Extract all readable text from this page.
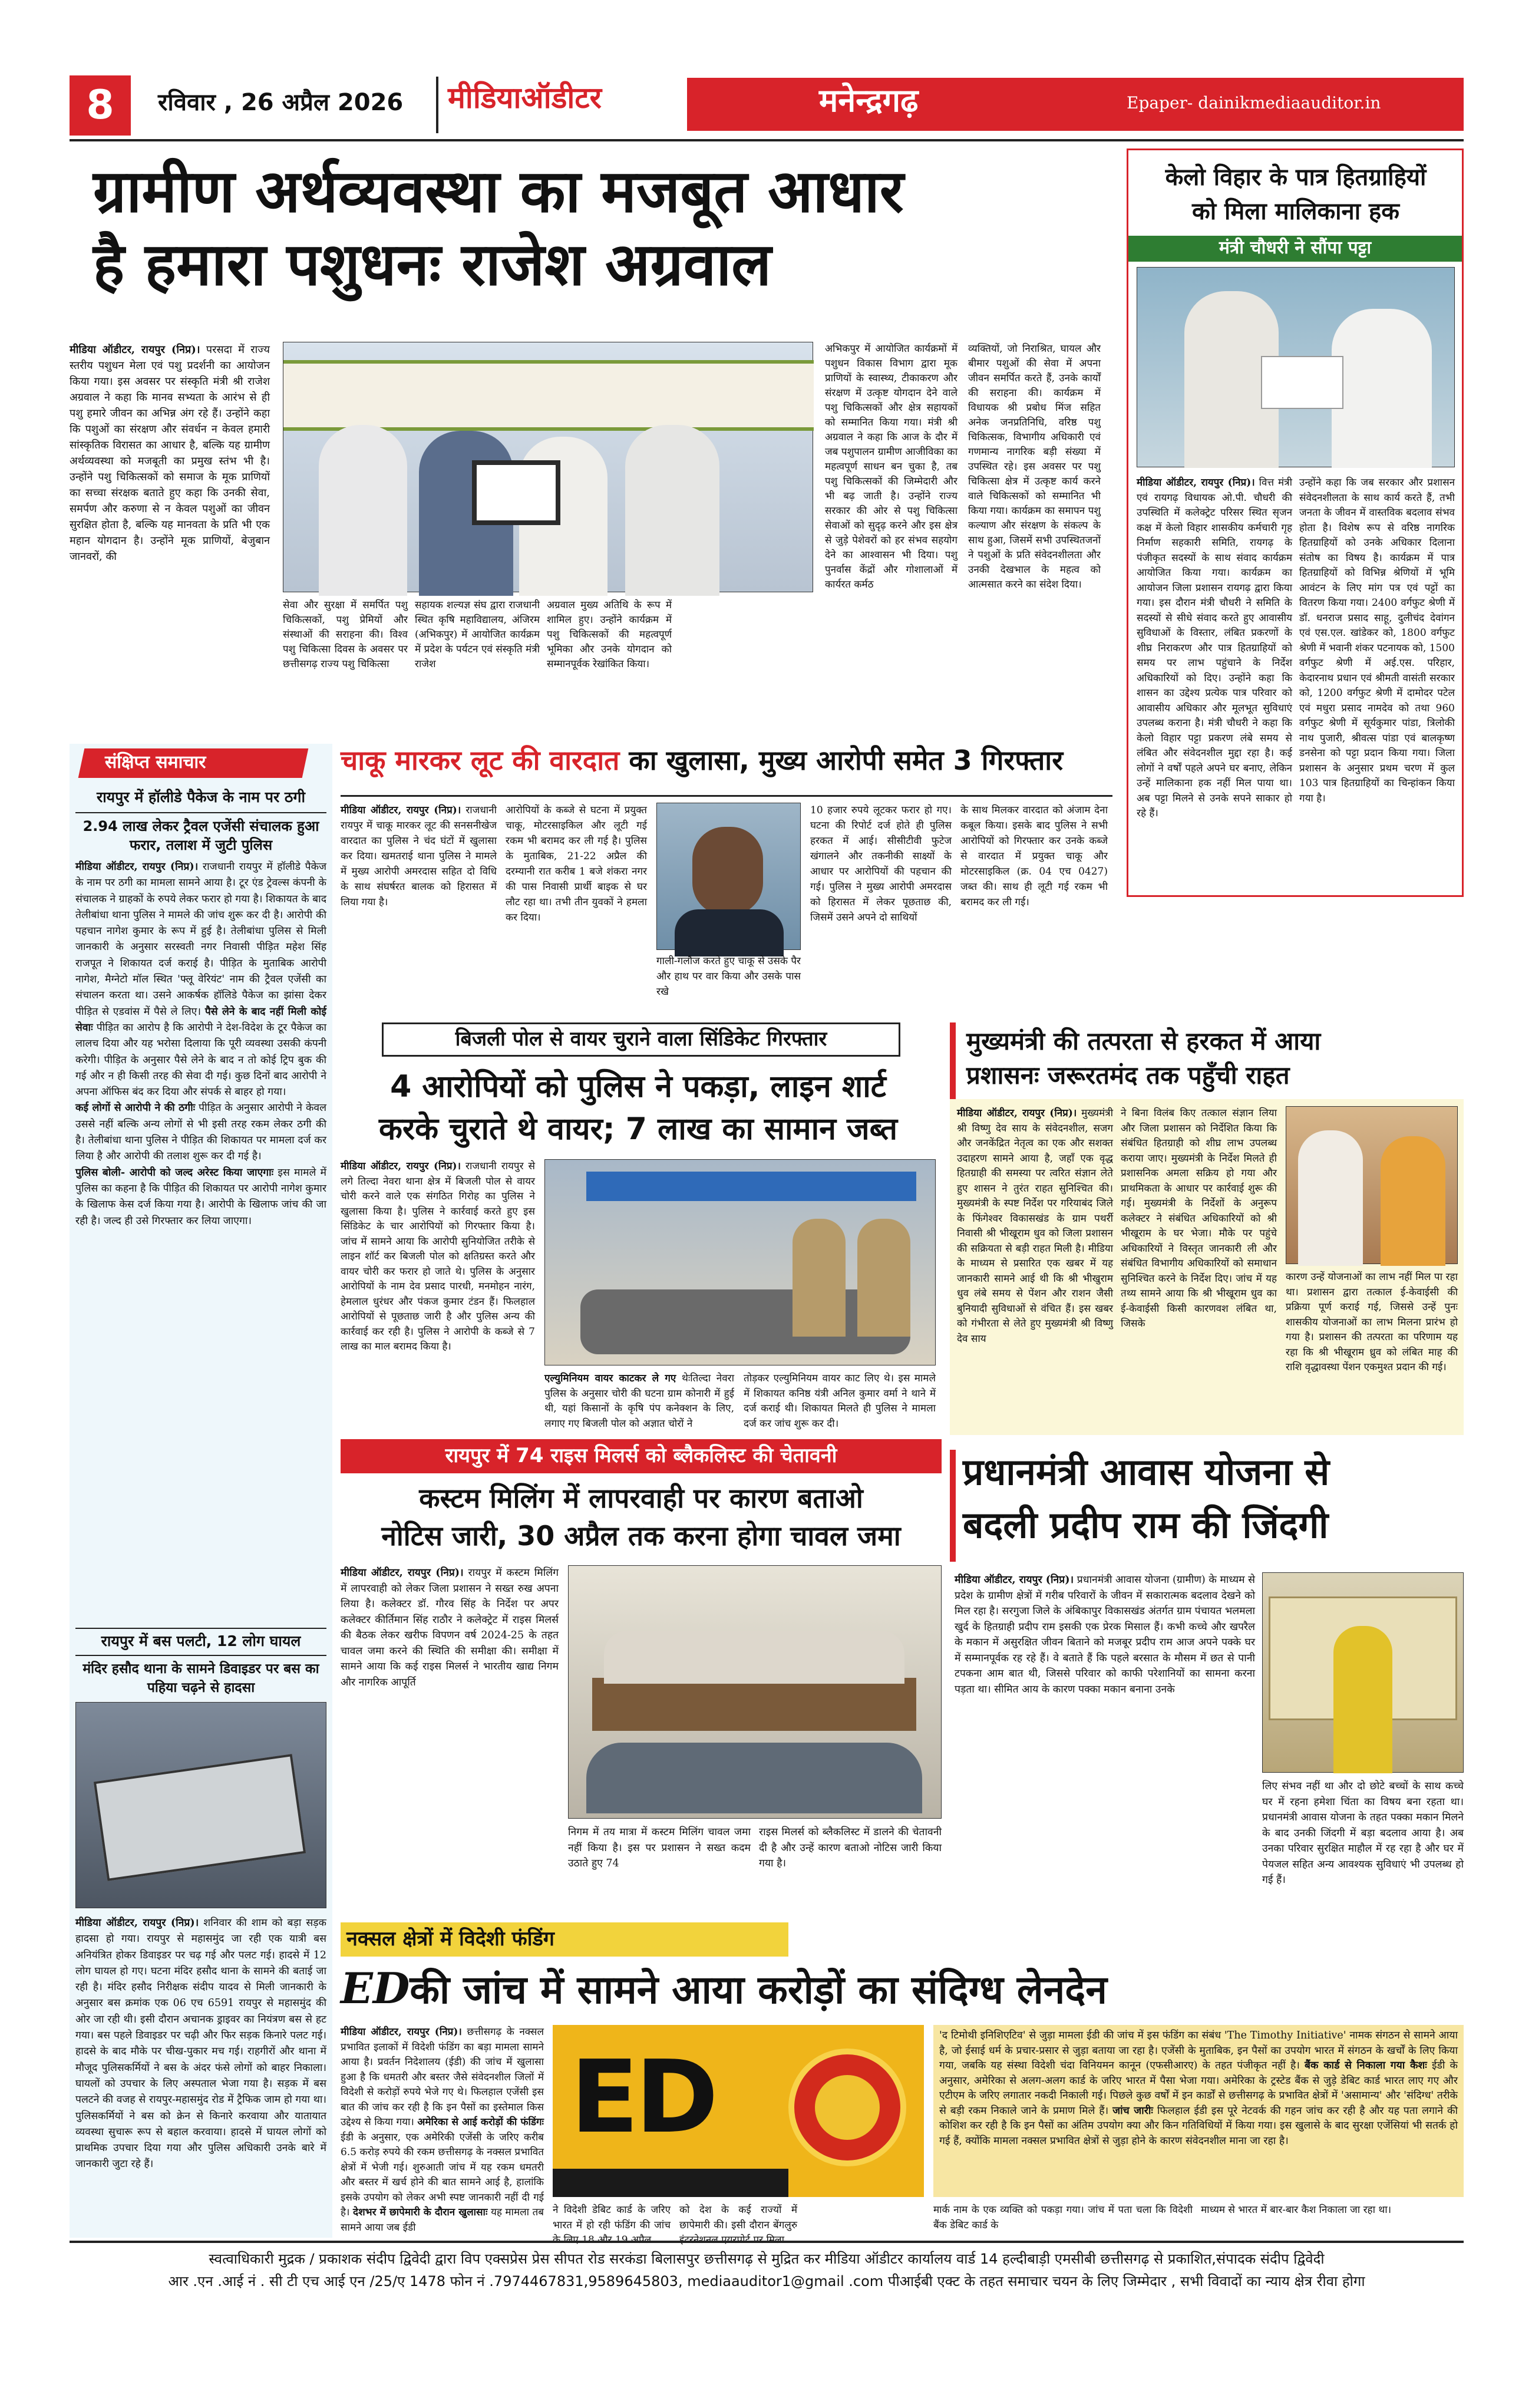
8	रविवार , 26 अप्रैल 2026 मीडियाऑडीटर	मनेन्द्रगढ़	Epaper- dainikmediaauditor.in
ग्रामीण अर्थव्यवस्था का मजबूत आधार
है हमारा पशुधनः राजेश अग्रवाल
मीडिया ऑडीटर, रायपुर (निप्र)। परसदा में राज्य स्तरीय पशुधन मेला एवं पशु प्रदर्शनी का आयोजन किया गया। इस अवसर पर संस्कृति मंत्री श्री राजेश अग्रवाल ने कहा कि मानव सभ्यता के आरंभ से ही पशु हमारे जीवन का अभिन्न अंग रहे हैं। उन्होंने कहा कि पशुओं का संरक्षण और संवर्धन न केवल हमारी सांस्कृतिक विरासत का आधार है, बल्कि यह ग्रामीण अर्थव्यवस्था को मजबूती का प्रमुख स्तंभ भी है। उन्होंने पशु चिकित्सकों को समाज के मूक प्राणियों का सच्चा संरक्षक बताते हुए कहा कि उनकी सेवा, समर्पण और करुणा से न केवल पशुओं का जीवन सुरक्षित होता है, बल्कि यह मानवता के प्रति भी एक महान योगदान है। उन्होंने मूक प्राणियों, बेजुबान जानवरों, की
सेवा और सुरक्षा में समर्पित पशु चिकित्सकों, पशु प्रेमियों और संस्थाओं की सराहना की। विश्व पशु चिकित्सा दिवस के अवसर पर छत्तीसगढ़ राज्य पशु चिकित्सा
सहायक शल्यज्ञ संघ द्वारा राजधानी स्थित कृषि महाविद्यालय, अंजिरम (अभिकपुर) में आयोजित कार्यक्रम में प्रदेश के पर्यटन एवं संस्कृति मंत्री राजेश
अग्रवाल मुख्य अतिथि के रूप में शामिल हुए। उन्होंने कार्यक्रम में पशु चिकित्सकों की महत्वपूर्ण भूमिका और उनके योगदान को सम्मानपूर्वक रेखांकित किया।
अभिकपुर में आयोजित कार्यक्रमों में पशुधन विकास विभाग द्वारा मूक प्राणियों के स्वास्थ्य, टीकाकरण और संरक्षण में उत्कृष्ट योगदान देने वाले पशु चिकित्सकों और क्षेत्र सहायकों को सम्मानित किया गया। मंत्री श्री अग्रवाल ने कहा कि आज के दौर में जब पशुपालन ग्रामीण आजीविका का महत्वपूर्ण साधन बन चुका है, तब पशु चिकित्सकों की जिम्मेदारी और भी बढ़ जाती है। उन्होंने राज्य सरकार की ओर से पशु चिकित्सा सेवाओं को सुदृढ़ करने और इस क्षेत्र से जुड़े पेशेवरों को हर संभव सहयोग देने का आश्वासन भी दिया। पशु पुनर्वास केंद्रों और गोशालाओं में कार्यरत कर्मठ
व्यक्तियों, जो निराश्रित, घायल और बीमार पशुओं की सेवा में अपना जीवन समर्पित करते हैं, उनके कार्यों की सराहना की। कार्यक्रम में विधायक श्री प्रबोध मिंज सहित अनेक जनप्रतिनिधि, वरिष्ठ पशु चिकित्सक, विभागीय अधिकारी एवं गणमान्य नागरिक बड़ी संख्या में उपस्थित रहे। इस अवसर पर पशु चिकित्सा क्षेत्र में उत्कृष्ट कार्य करने वाले चिकित्सकों को सम्मानित भी किया गया। कार्यक्रम का समापन पशु कल्याण और संरक्षण के संकल्प के साथ हुआ, जिसमें सभी उपस्थितजनों ने पशुओं के प्रति संवेदनशीलता और उनकी देखभाल के महत्व को आत्मसात करने का संदेश दिया।
केलो विहार के पात्र हितग्राहियों
को मिला मालिकाना हक
मंत्री चौधरी ने सौंपा पट्टा
मीडिया ऑडीटर, रायपुर (निप्र)। वित्त मंत्री एवं रायगढ़ विधायक ओ.पी. चौधरी की उपस्थिति में कलेक्ट्रेट परिसर स्थित सृजन कक्ष में केलो विहार शासकीय कर्मचारी गृह निर्माण सहकारी समिति, रायगढ़ के पंजीकृत सदस्यों के साथ संवाद कार्यक्रम आयोजित किया गया। कार्यक्रम का आयोजन जिला प्रशासन रायगढ़ द्वारा किया गया। इस दौरान मंत्री चौधरी ने समिति के सदस्यों से सीधे संवाद करते हुए आवासीय सुविधाओं के विस्तार, लंबित प्रकरणों के शीघ्र निराकरण और पात्र हितग्राहियों को समय पर लाभ पहुंचाने के निर्देश अधिकारियों को दिए। उन्होंने कहा कि शासन का उद्देश्य प्रत्येक पात्र परिवार को आवासीय अधिकार और मूलभूत सुविधाएं उपलब्ध कराना है। मंत्री चौधरी ने कहा कि केलो विहार पट्टा प्रकरण लंबे समय से लंबित और संवेदनशील मुद्दा रहा है। कई लोगों ने वर्षों पहले अपने घर बनाए, लेकिन उन्हें मालिकाना हक नहीं मिल पाया था। अब पट्टा मिलने से उनके सपने साकार हो रहे हैं।
उन्होंने कहा कि जब सरकार और प्रशासन संवेदनशीलता के साथ कार्य करते हैं, तभी जनता के जीवन में वास्तविक बदलाव संभव होता है। विशेष रूप से वरिष्ठ नागरिक हितग्राहियों को उनके अधिकार दिलाना संतोष का विषय है। कार्यक्रम में पात्र हितग्राहियों को विभिन्न श्रेणियों में भूमि आवंटन के लिए मांग पत्र एवं पट्टों का वितरण किया गया। 2400 वर्गफुट श्रेणी में डॉ. धनराज प्रसाद साहू, दुलीचंद देवांगन एवं एस.एल. खांडेकर को, 1800 वर्गफुट श्रेणी में भवानी शंकर पटनायक को, 1500 वर्गफुट श्रेणी में अई.एस. परिहार, केदारनाथ प्रधान एवं श्रीमती वासंती सरकार को, 1200 वर्गफुट श्रेणी में दामोदर पटेल एवं मधुरा प्रसाद नामदेव को तथा 960 वर्गफुट श्रेणी में सूर्यकुमार पांडा, त्रिलोकी नाथ पुजारी, श्रीवत्स पांडा एवं बालकृष्ण डनसेना को पट्टा प्रदान किया गया। जिला प्रशासन के अनुसार प्रथम चरण में कुल 103 पात्र हितग्राहियों का चिन्हांकन किया गया है।
संक्षिप्त समाचार
रायपुर में हॉलीडे पैकेज के नाम पर ठगी
2.94 लाख लेकर ट्रैवल एजेंसी संचालक हुआ फरार, तलाश में जुटी पुलिस
मीडिया ऑडीटर, रायपुर (निप्र)। राजधानी रायपुर में हॉलीडे पैकेज के नाम पर ठगी का मामला सामने आया है। टूर एंड ट्रेवल्स कंपनी के संचालक ने ग्राहकों के रुपये लेकर फरार हो गया है। शिकायत के बाद तेलीबांधा थाना पुलिस ने मामले की जांच शुरू कर दी है। आरोपी की पहचान नागेश कुमार के रूप में हुई है। तेलीबांधा पुलिस से मिली जानकारी के अनुसार सरस्वती नगर निवासी पीड़ित महेश सिंह राजपूत ने शिकायत दर्ज कराई है। पीड़ित के मुताबिक आरोपी नागेश, मैग्नेटो मॉल स्थित 'फ्लू वेरियंट' नाम की ट्रैवल एजेंसी का संचालन करता था। उसने आकर्षक हॉलिडे पैकेज का झांसा देकर पीड़ित से एडवांस में पैसे ले लिए। पैसे लेने के बाद नहीं मिली कोई सेवाः पीड़ित का आरोप है कि आरोपी ने देश-विदेश के टूर पैकेज का लालच दिया और यह भरोसा दिलाया कि पूरी व्यवस्था उसकी कंपनी करेगी। पीड़ित के अनुसार पैसे लेने के बाद न तो कोई ट्रिप बुक की गई और न ही किसी तरह की सेवा दी गई। कुछ दिनों बाद आरोपी ने अपना ऑफिस बंद कर दिया और संपर्क से बाहर हो गया।
कई लोगों से आरोपी ने की ठगीः पीड़ित के अनुसार आरोपी ने केवल उससे नहीं बल्कि अन्य लोगों से भी इसी तरह रकम लेकर ठगी की है। तेलीबांधा थाना पुलिस ने पीड़ित की शिकायत पर मामला दर्ज कर लिया है और आरोपी की तलाश शुरू कर दी गई है।
पुलिस बोली- आरोपी को जल्द अरेस्ट किया जाएगाः इस मामले में पुलिस का कहना है कि पीड़ित की शिकायत पर आरोपी नागेश कुमार के खिलाफ केस दर्ज किया गया है। आरोपी के खिलाफ जांच की जा रही है। जल्द ही उसे गिरफ्तार कर लिया जाएगा।
रायपुर में बस पलटी, 12 लोग घायल
मंदिर हसौद थाना के सामने डिवाइडर पर बस का पहिया चढ़ने से हादसा
मीडिया ऑडीटर, रायपुर (निप्र)। शनिवार की शाम को बड़ा सड़क हादसा हो गया। रायपुर से महासमुंद जा रही एक यात्री बस अनियंत्रित होकर डिवाइडर पर चढ़ गई और पलट गई। हादसे में 12 लोग घायल हो गए। घटना मंदिर हसौद थाना के सामने की बताई जा रही है। मंदिर हसौद निरीक्षक संदीप यादव से मिली जानकारी के अनुसार बस क्रमांक एक 06 एच 6591 रायपुर से महासमुंद की ओर जा रही थी। इसी दौरान अचानक ड्राइवर का नियंत्रण बस से हट गया। बस पहले डिवाइडर पर चढ़ी और फिर सड़क किनारे पलट गई। हादसे के बाद मौके पर चीख-पुकार मच गई। राहगीरों और थाना में मौजूद पुलिसकर्मियों ने बस के अंदर फंसे लोगों को बाहर निकाला। घायलों को उपचार के लिए अस्पताल भेजा गया है। सड़क में बस पलटने की वजह से रायपुर-महासमुंद रोड में ट्रैफिक जाम हो गया था। पुलिसकर्मियों ने बस को क्रेन से किनारे करवाया और यातायात व्यवस्था सुचारू रूप से बहाल करवाया। हादसे में घायल लोगों को प्राथमिक उपचार दिया गया और पुलिस अधिकारी उनके बारे में जानकारी जुटा रहे हैं।
चाकू मारकर लूट की वारदात का खुलासा, मुख्य आरोपी समेत 3 गिरफ्तार
मीडिया ऑडीटर, रायपुर (निप्र)। राजधानी रायपुर में चाकू मारकर लूट की सनसनीखेज वारदात का पुलिस ने चंद घंटों में खुलासा कर दिया। खमतराई थाना पुलिस ने मामले में मुख्य आरोपी अमरदास सहित दो विधि के साथ संघर्षरत बालक को हिरासत में लिया गया है।
आरोपियों के कब्जे से घटना में प्रयुक्त चाकू, मोटरसाइकिल और लूटी गई रकम भी बरामद कर ली गई है। पुलिस के मुताबिक, 21-22 अप्रैल की दरम्यानी रात करीब 1 बजे शंकरा नगर की पास निवासी प्रार्थी बाइक से घर लौट रहा था। तभी तीन युवकों ने हमला कर दिया।
गाली-गलौज करते हुए चाकू से उसके पैर और हाथ पर वार किया और उसके पास रखे
10 हजार रुपये लूटकर फरार हो गए। घटना की रिपोर्ट दर्ज होते ही पुलिस हरकत में आई। सीसीटीवी फुटेज खंगालने और तकनीकी साक्ष्यों के आधार पर आरोपियों की पहचान की गई। पुलिस ने मुख्य आरोपी अमरदास को हिरासत में लेकर पूछताछ की, जिसमें उसने अपने दो साथियों
के साथ मिलकर वारदात को अंजाम देना कबूल किया। इसके बाद पुलिस ने सभी आरोपियों को गिरफ्तार कर उनके कब्जे से वारदात में प्रयुक्त चाकू और मोटरसाइकिल (क्र. 04 एच 0427) जब्त की। साथ ही लूटी गई रकम भी बरामद कर ली गई।
बिजली पोल से वायर चुराने वाला सिंडिकेट गिरफ्तार
4 आरोपियों को पुलिस ने पकड़ा, लाइन शार्ट
करके चुराते थे वायर; 7 लाख का सामान जब्त
मीडिया ऑडीटर, रायपुर (निप्र)। राजधानी रायपुर से लगे तिल्दा नेवरा थाना क्षेत्र में बिजली पोल से वायर चोरी करने वाले एक संगठित गिरोह का पुलिस ने खुलासा किया है। पुलिस ने कार्रवाई करते हुए इस सिंडिकेट के चार आरोपियों को गिरफ्तार किया है। जांच में सामने आया कि आरोपी सुनियोजित तरीके से लाइन शॉर्ट कर बिजली पोल को क्षतिग्रस्त करते और वायर चोरी कर फरार हो जाते थे। पुलिस के अनुसार आरोपियों के नाम देव प्रसाद पारधी, मनमोहन नारंग, हेमलाल धुरंधर और पंकज कुमार टंडन हैं। फिलहाल आरोपियों से पूछताछ जारी है और पुलिस अन्य की कार्रवाई कर रही है। पुलिस ने आरोपी के कब्जे से 7 लाख का माल बरामद किया है।
एल्युमिनियम वायर काटकर ले गए थेःतिल्दा नेवरा पुलिस के अनुसार चोरी की घटना ग्राम कोनारी में हुई थी, यहां किसानों के कृषि पंप कनेक्शन के लिए, लगाए गए बिजली पोल को अज्ञात चोरों ने
तोड़कर एल्युमिनियम वायर काट लिए थे। इस मामले में शिकायत कनिष्ठ यंत्री अनिल कुमार वर्मा ने थाने में दर्ज कराई थी। शिकायत मिलते ही पुलिस ने मामला दर्ज कर जांच शुरू कर दी।
मुख्यमंत्री की तत्परता से हरकत में आया
प्रशासनः जरूरतमंद तक पहुँची राहत
मीडिया ऑडीटर, रायपुर (निप्र)। मुख्यमंत्री श्री विष्णु देव साय के संवेदनशील, सजग और जनकेंद्रित नेतृत्व का एक और सशक्त उदाहरण सामने आया है, जहाँ एक वृद्ध हितग्राही की समस्या पर त्वरित संज्ञान लेते हुए शासन ने तुरंत राहत सुनिश्चित की। मुख्यमंत्री के स्पष्ट निर्देश पर गरियाबंद जिले के फिंगेश्वर विकासखंड के ग्राम पथर्री निवासी श्री भीखूराम धुव को जिला प्रशासन की सक्रियता से बड़ी राहत मिली है। मीडिया के माध्यम से प्रसारित एक खबर में यह जानकारी सामने आई थी कि श्री भीखुराम धुव लंबे समय से पेंशन और राशन जैसी बुनियादी सुविधाओं से वंचित हैं। इस खबर को गंभीरता से लेते हुए मुख्यमंत्री श्री विष्णु देव साय
ने बिना विलंब किए तत्काल संज्ञान लिया और जिला प्रशासन को निर्देशित किया कि संबंधित हितग्राही को शीघ्र लाभ उपलब्ध कराया जाए। मुख्यमंत्री के निर्देश मिलते ही प्रशासनिक अमला सक्रिय हो गया और प्राथमिकता के आधार पर कार्रवाई शुरू की गई। मुख्यमंत्री के निर्देशों के अनुरूप कलेक्टर ने संबंधित अधिकारियों को श्री भीखूराम के घर भेजा। मौके पर पहुंचे अधिकारियों ने विस्तृत जानकारी ली और संबंधित विभागीय अधिकारियों को समाधान सुनिश्चित करने के निर्देश दिए। जांच में यह तथ्य सामने आया कि श्री भीखूराम धुव का ई-केवाईसी किसी कारणवश लंबित था, जिसके
कारण उन्हें योजनाओं का लाभ नहीं मिल पा रहा था। प्रशासन द्वारा तत्काल ई-केवाईसी की प्रक्रिया पूर्ण कराई गई, जिससे उन्हें पुनः शासकीय योजनाओं का लाभ मिलना प्रारंभ हो गया है। प्रशासन की तत्परता का परिणाम यह रहा कि श्री भीखूराम ध्रुव को लंबित माह की राशि वृद्धावस्था पेंशन एकमुश्त प्रदान की गई।
रायपुर में 74 राइस मिलर्स को ब्लैकलिस्ट की चेतावनी
कस्टम मिलिंग में लापरवाही पर कारण बताओ
नोटिस जारी, 30 अप्रैल तक करना होगा चावल जमा
मीडिया ऑडीटर, रायपुर (निप्र)। रायपुर में कस्टम मिलिंग में लापरवाही को लेकर जिला प्रशासन ने सख्त रुख अपना लिया है। कलेक्टर डॉ. गौरव सिंह के निर्देश पर अपर कलेक्टर कीर्तिमान सिंह राठौर ने कलेक्ट्रेट में राइस मिलर्स की बैठक लेकर खरीफ विपणन वर्ष 2024-25 के तहत चावल जमा करने की स्थिति की समीक्षा की। समीक्षा में सामने आया कि कई राइस मिलर्स ने भारतीय खाद्य निगम और नागरिक आपूर्ति
निगम में तय मात्रा में कस्टम मिलिंग चावल जमा नहीं किया है। इस पर प्रशासन ने सख्त कदम उठाते हुए 74
राइस मिलर्स को ब्लैकलिस्ट में डालने की चेतावनी दी है और उन्हें कारण बताओ नोटिस जारी किया गया है।
प्रधानमंत्री आवास योजना से
बदली प्रदीप राम की जिंदगी
मीडिया ऑडीटर, रायपुर (निप्र)। प्रधानमंत्री आवास योजना (ग्रामीण) के माध्यम से प्रदेश के ग्रामीण क्षेत्रों में गरीब परिवारों के जीवन में सकारात्मक बदलाव देखने को मिल रहा है। सरगुजा जिले के अंबिकापुर विकासखंड अंतर्गत ग्राम पंचायत भलमला खुर्द के हितग्राही प्रदीप राम इसकी एक प्रेरक मिसाल हैं। कभी कच्चे और खपरैल के मकान में असुरक्षित जीवन बिताने को मजबूर प्रदीप राम आज अपने पक्के घर में सम्मानपूर्वक रह रहे हैं। वे बताते हैं कि पहले बरसात के मौसम में छत से पानी टपकना आम बात थी, जिससे परिवार को काफी परेशानियों का सामना करना पड़ता था। सीमित आय के कारण पक्का मकान बनाना उनके
लिए संभव नहीं था और दो छोटे बच्चों के साथ कच्चे घर में रहना हमेशा चिंता का विषय बना रहता था। प्रधानमंत्री आवास योजना के तहत पक्का मकान मिलने के बाद उनकी जिंदगी में बड़ा बदलाव आया है। अब उनका परिवार सुरक्षित माहौल में रह रहा है और घर में पेयजल सहित अन्य आवश्यक सुविधाएं भी उपलब्ध हो गई हैं।
नक्सल क्षेत्रों में विदेशी फंडिंग
EDकी जांच में सामने आया करोड़ों का संदिग्ध लेनदेन
मीडिया ऑडीटर, रायपुर (निप्र)। छत्तीसगढ़ के नक्सल प्रभावित इलाकों में विदेशी फंडिंग का बड़ा मामला सामने आया है। प्रवर्तन निदेशालय (ईडी) की जांच में खुलासा हुआ है कि धमतरी और बस्तर जैसे संवेदनशील जिलों में विदेशी से करोड़ों रुपये भेजे गए थे। फिलहाल एजेंसी इस बात की जांच कर रही है कि इन पैसों का इस्तेमाल किस उद्देश्य से किया गया। अमेरिका से आई करोड़ों की फंडिंगः ईडी के अनुसार, एक अमेरिकी एजेंसी के जरिए करीब 6.5 करोड़ रुपये की रकम छत्तीसगढ़ के नक्सल प्रभावित क्षेत्रों में भेजी गई। शुरुआती जांच में यह रकम धमतरी और बस्तर में खर्च होने की बात सामने आई है, हालांकि इसके उपयोग को लेकर अभी स्पष्ट जानकारी नहीं दी गई है। देशभर में छापेमारी के दौरान खुलासाः यह मामला तब सामने आया जब ईडी
ED
ने विदेशी डेबिट कार्ड के जरिए भारत में हो रही फंडिंग की जांच के लिए 18 और 19 अप्रैल
को देश के कई राज्यों में छापेमारी की। इसी दौरान बेंगलुरु इंटरनेशनल एयरपोर्ट पर मिला
'द टिमोथी इनिशिएटिव' से जुड़ा मामला ईडी की जांच में इस फंडिंग का संबंध 'The Timothy Initiative' नामक संगठन से सामने आया है, जो ईसाई धर्म के प्रचार-प्रसार से जुड़ा बताया जा रहा है। एजेंसी के मुताबिक, इन पैसों का उपयोग भारत में संगठन के खर्चों के लिए किया गया, जबकि यह संस्था विदेशी चंदा विनियमन कानून (एफसीआरए) के तहत पंजीकृत नहीं है। बैंक कार्ड से निकाला गया कैशः ईडी के अनुसार, अमेरिका से अलग-अलग कार्ड के जरिए भारत में पैसा भेजा गया। अमेरिका के ट्रस्टेड बैंक से जुड़े डेबिट कार्ड भारत लाए गए और एटीएम के जरिए लगातार नकदी निकाली गई। पिछले कुछ वर्षों में इन कार्डों से छत्तीसगढ़ के प्रभावित क्षेत्रों में 'असामान्य' और 'संदिग्ध' तरीके से बड़ी रकम निकाले जाने के प्रमाण मिले हैं। जांच जारीः फिलहाल ईडी इस पूरे नेटवर्क की गहन जांच कर रही है और यह पता लगाने की कोशिश कर रही है कि इन पैसों का अंतिम उपयोग क्या और किन गतिविधियों में किया गया। इस खुलासे के बाद सुरक्षा एजेंसियां भी सतर्क हो गई हैं, क्योंकि मामला नक्सल प्रभावित क्षेत्रों से जुड़ा होने के कारण संवेदनशील माना जा रहा है।
मार्क नाम के एक व्यक्ति को पकड़ा गया। जांच में पता चला कि विदेशी बैंक डेबिट कार्ड के
माध्यम से भारत में बार-बार कैश निकाला जा रहा था।
स्वत्वाधिकारी मुद्रक / प्रकाशक संदीप द्विवेदी द्वारा विप एक्सप्रेस प्रेस सीपत रोड सरकंडा बिलासपुर छत्तीसगढ़ से मुद्रित कर मीडिया ऑडीटर कार्यालय वार्ड 14 हल्दीबाड़ी एमसीबी छत्तीसगढ़ से प्रकाशित,संपादक संदीप द्विवेदी
आर .एन .आई नं . सी टी एच आई एन /25/ए 1478 फोन नं .7974467831,9589645803, mediaauditor1@gmail .com पीआईबी एक्ट के तहत समाचार चयन के लिए जिम्मेदार , सभी विवादों का न्याय क्षेत्र रीवा होगा
